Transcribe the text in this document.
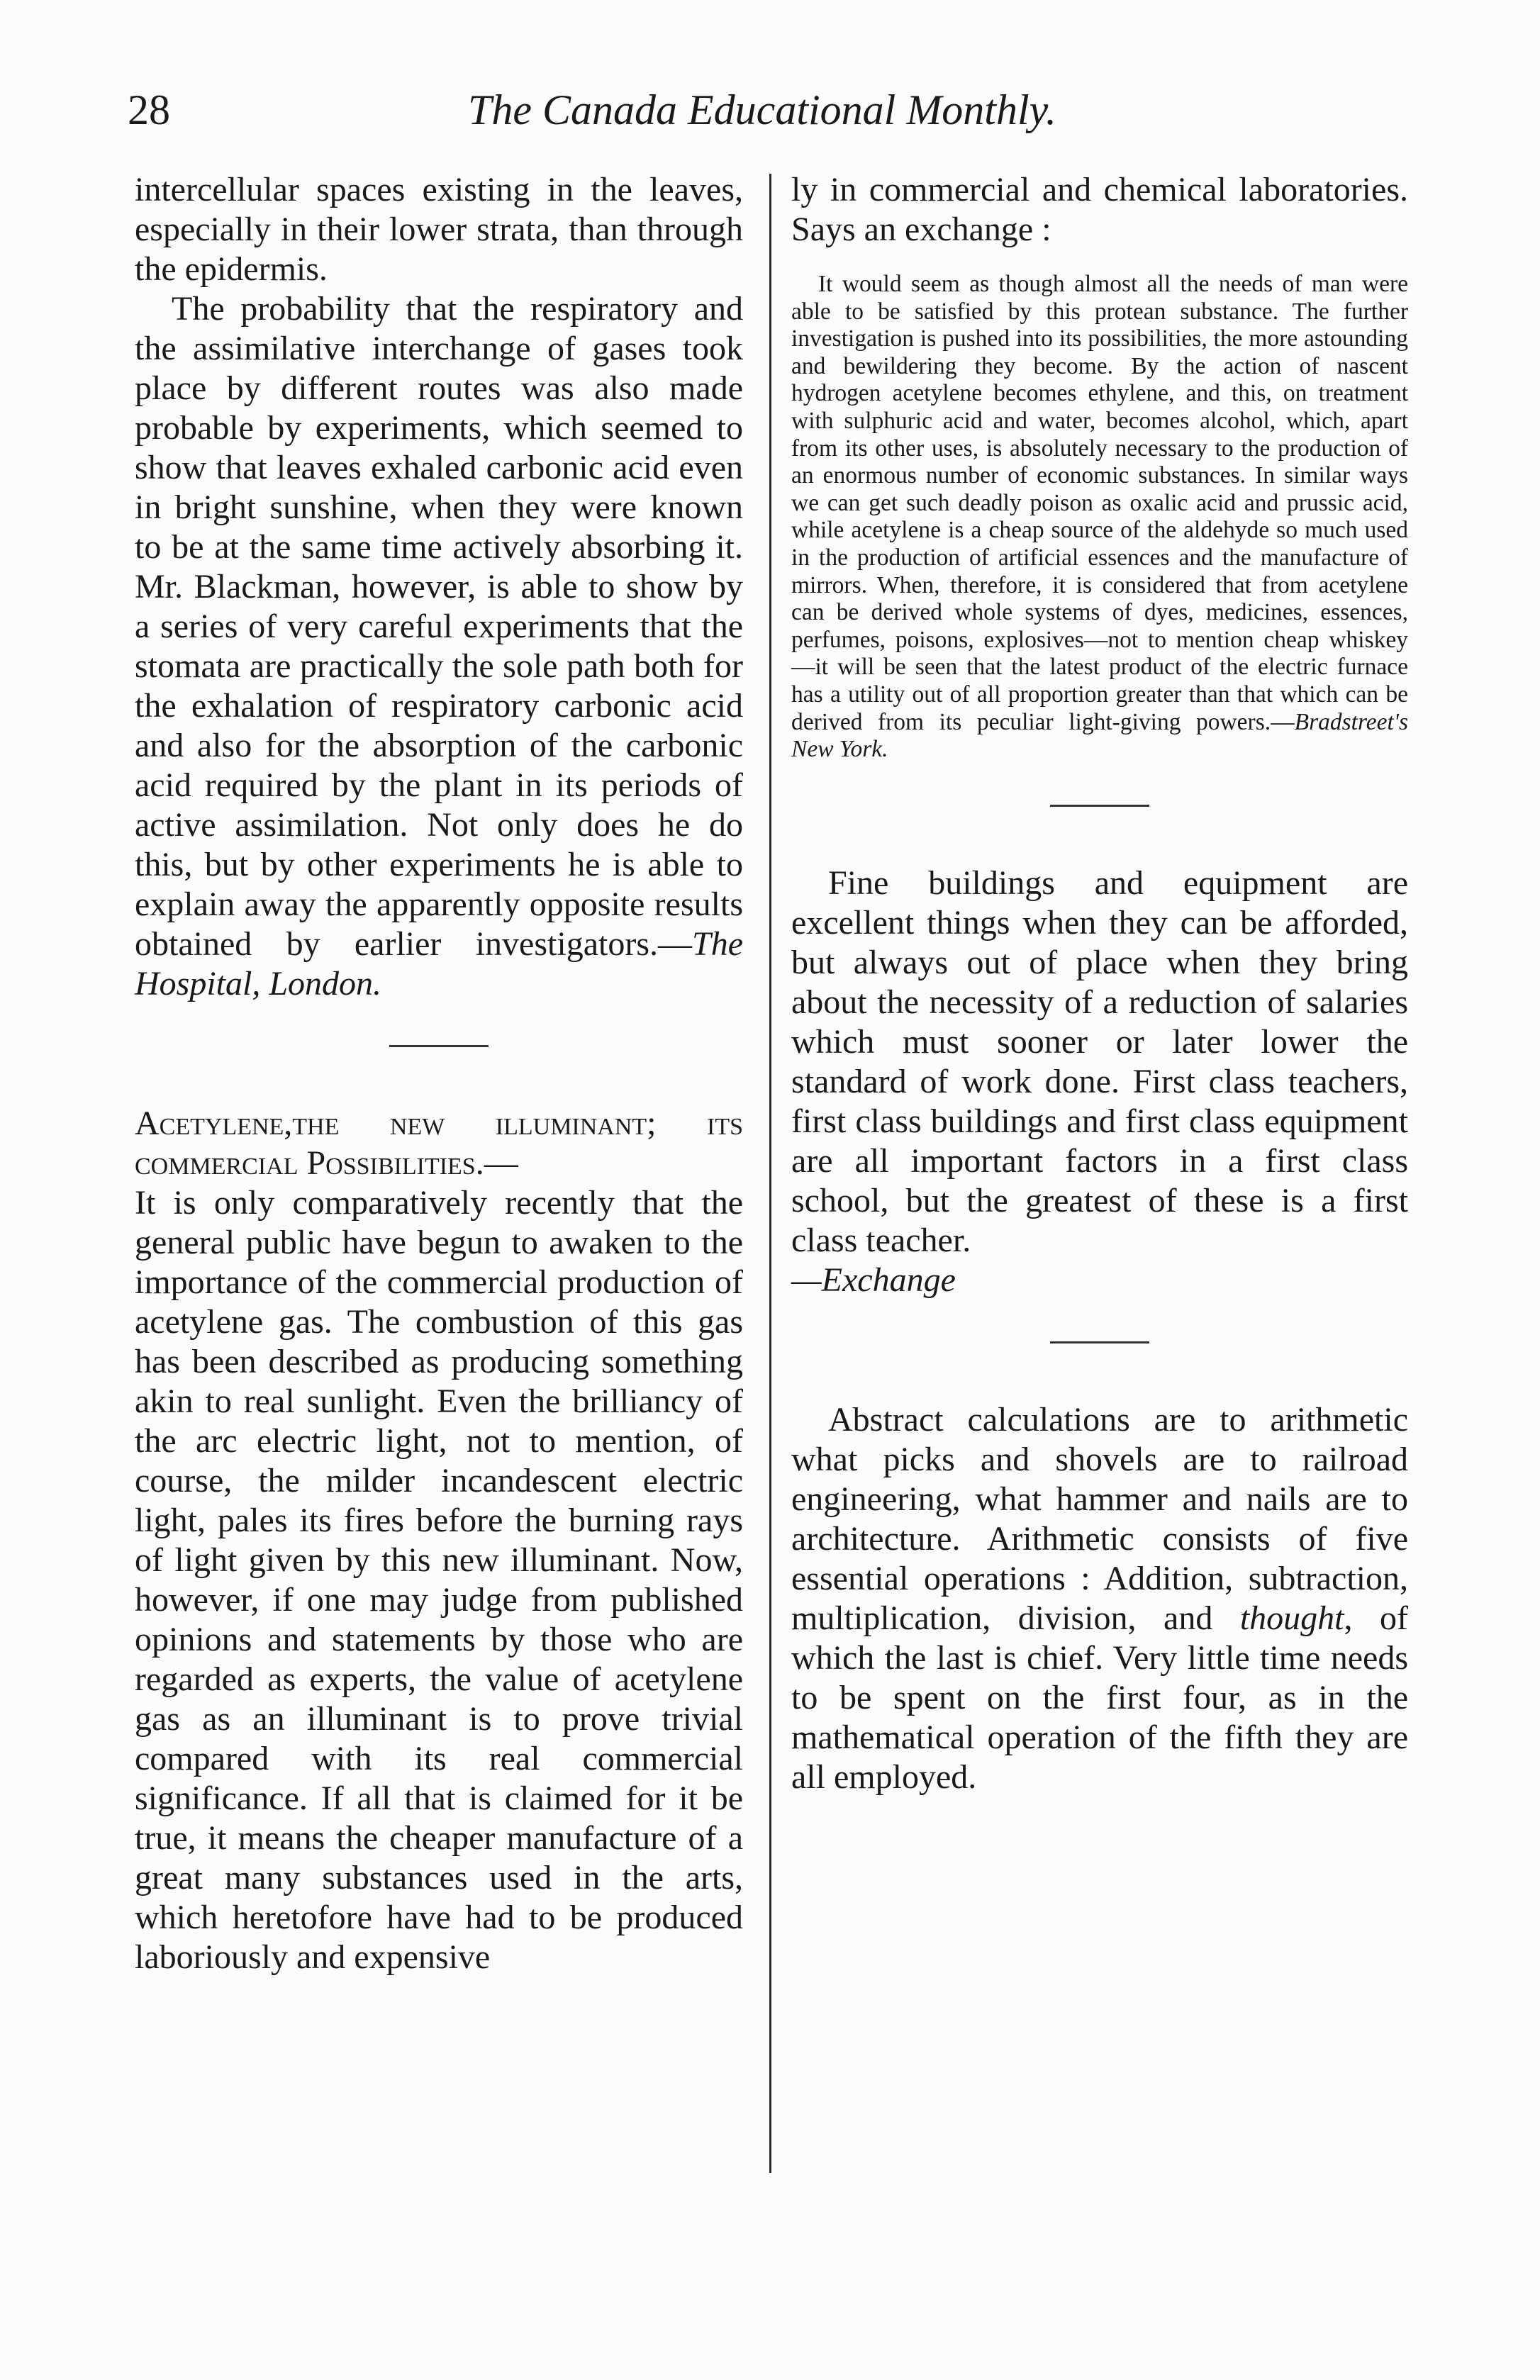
28	The Canada Educational Monthly.

intercellular spaces existing in the leaves, especially in their lower strata, than through the epidermis.

The probability that the respiratory and the assimilative interchange of gases took place by different routes was also made probable by experiments, which seemed to show that leaves exhaled carbonic acid even in bright sunshine, when they were known to be at the same time actively absorbing it. Mr. Blackman, however, is able to show by a series of very careful experiments that the stomata are practically the sole path both for the exhalation of respiratory carbonic acid and also for the absorption of the carbonic acid required by the plant in its periods of active assimilation. Not only does he do this, but by other experiments he is able to explain away the apparently opposite results obtained by earlier investigators.—The Hospital, London.

Acetylene,the new illuminant; its commercial Possibilities.—

It is only comparatively recently that the general public have begun to awaken to the importance of the commercial production of acetylene gas. The combustion of this gas has been described as producing something akin to real sunlight. Even the brilliancy of the arc electric light, not to mention, of course, the milder incandescent electric light, pales its fires before the burning rays of light given by this new illuminant. Now, however, if one may judge from published opinions and statements by those who are regarded as experts, the value of acetylene gas as an illuminant is to prove trivial compared with its real commercial significance. If all that is claimed for it be true, it means the cheaper manufacture of a great many substances used in the arts, which heretofore have had to be produced laboriously and expensive

ly in commercial and chemical laboratories. Says an exchange :

It would seem as though almost all the needs of man were able to be satisfied by this protean substance. The further investigation is pushed into its possibilities, the more astounding and bewildering they become. By the action of nascent hydrogen acetylene becomes ethylene, and this, on treatment with sulphuric acid and water, becomes alcohol, which, apart from its other uses, is absolutely necessary to the production of an enormous number of economic substances. In similar ways we can get such deadly poison as oxalic acid and prussic acid, while acetylene is a cheap source of the aldehyde so much used in the production of artificial essences and the manufacture of mirrors. When, therefore, it is considered that from acetylene can be derived whole systems of dyes, medicines, essences, perfumes, poisons, explosives—not to mention cheap whiskey—it will be seen that the latest product of the electric furnace has a utility out of all proportion greater than that which can be derived from its peculiar light-giving powers.—Bradstreet's New York.

Fine buildings and equipment are excellent things when they can be afforded, but always out of place when they bring about the necessity of a reduction of salaries which must sooner or later lower the standard of work done. First class teachers, first class buildings and first class equipment are all important factors in a first class school, but the greatest of these is a first class teacher.

—Exchange

Abstract calculations are to arithmetic what picks and shovels are to railroad engineering, what hammer and nails are to architecture. Arithmetic consists of five essential operations : Addition, subtraction, multiplication, division, and thought, of which the last is chief. Very little time needs to be spent on the first four, as in the mathematical operation of the fifth they are all employed.
